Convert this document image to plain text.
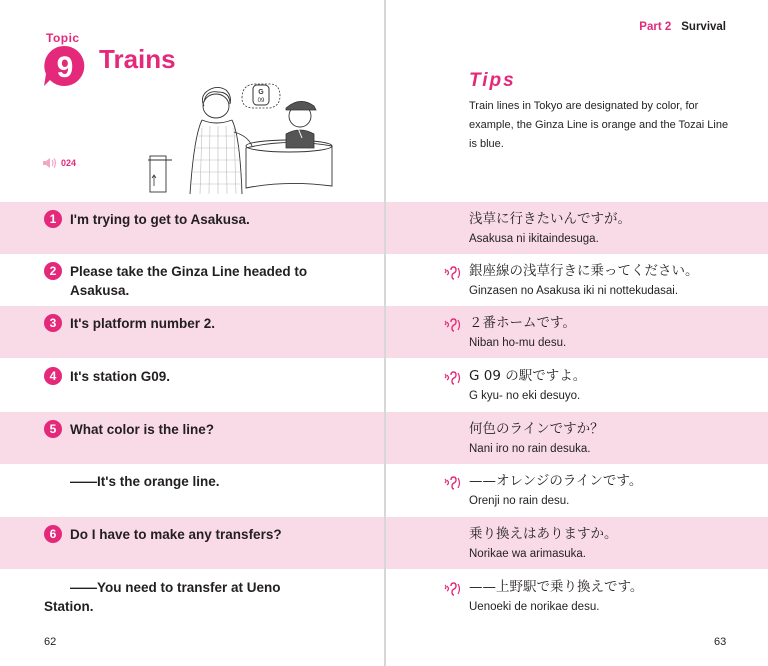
Topic
9 Trains
024
G
09
1	I'm trying to get to Asakusa.
2	Please take the Ginza Line headed to Asakusa.
3	It's platform number 2.
4	It's station G09.
5	What color is the line?
——It's the orange line.
6	Do I have to make any transfers?
——You need to transfer at Ueno Station.
62
Part 2 Survival
Tips
Train lines in Tokyo are designated by color, for example, the Ginza Line is orange and the Tozai Line is blue.
浅草に行きたいんですが。
Asakusa ni ikitaindesuga.
銀座線の浅草行きに乗ってください。
Ginzasen no Asakusa iki ni nottekudasai.
２番ホームです。
Niban ho-mu desu.
G 09 の駅ですよ。
G kyu- no eki desuyo.
何色のラインですか？
Nani iro no rain desuka.
——オレンジのラインです。
Orenji no rain desu.
乗り換えはありますか。
Norikae wa arimasuka.
——上野駅で乗り換えです。
Uenoeki de norikae desu.
63
